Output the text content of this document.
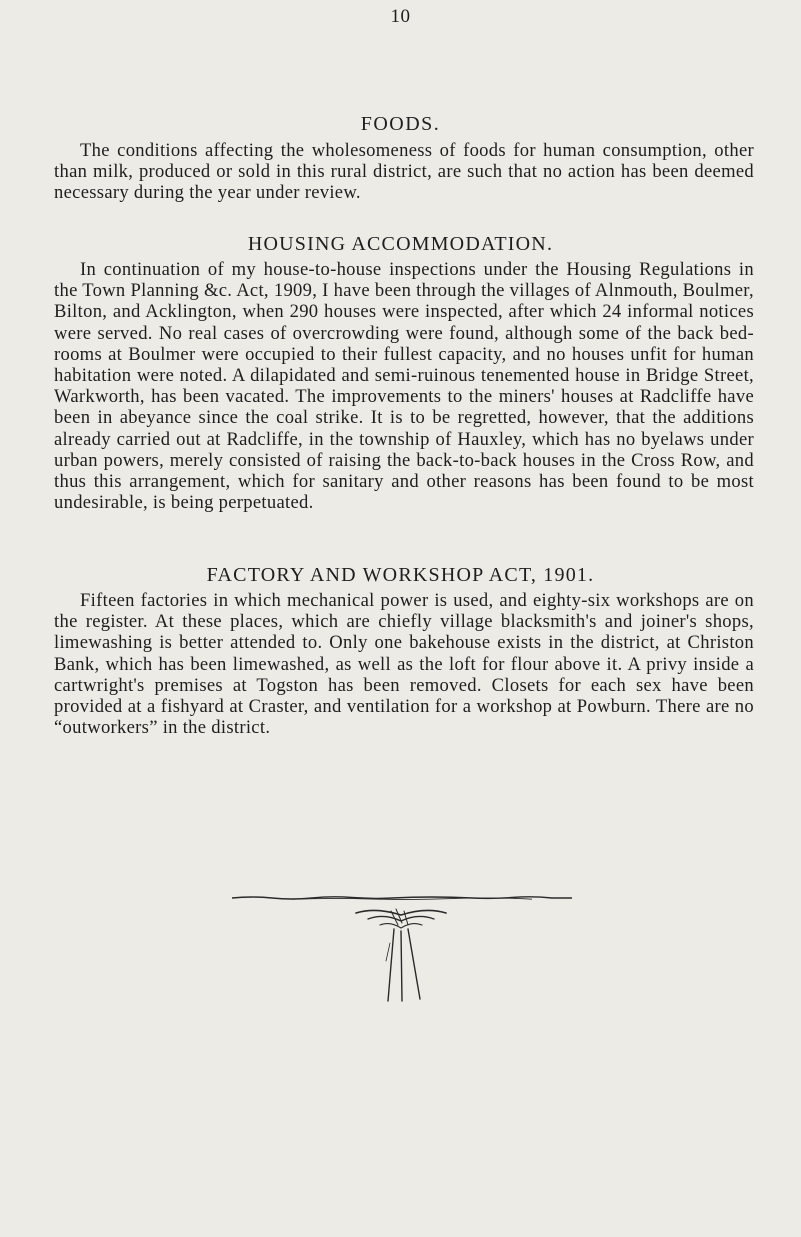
10
FOODS.

The conditions affecting the wholesomeness of foods for human consumption, other than milk, produced or sold in this rural district, are such that no action has been deemed necessary during the year under review.

HOUSING ACCOMMODATION.

In continuation of my house-to-house inspections under the Housing Regulations in the Town Planning &c. Act, 1909, I have been through the villages of Alnmouth, Boulmer, Bilton, and Acklington, when 290 houses were inspected, after which 24 informal notices were served. No real cases of overcrowding were found, although some of the back bed-rooms at Boulmer were occupied to their fullest capacity, and no houses unfit for human habitation were noted. A dilapidated and semi-ruinous tenemented house in Bridge Street, Warkworth, has been vacated. The improvements to the miners' houses at Radcliffe have been in abeyance since the coal strike. It is to be regretted, however, that the additions already carried out at Radcliffe, in the township of Hauxley, which has no byelaws under urban powers, merely consisted of raising the back-to-back houses in the Cross Row, and thus this arrangement, which for sanitary and other reasons has been found to be most undesirable, is being perpetuated.

FACTORY AND WORKSHOP ACT, 1901.

Fifteen factories in which mechanical power is used, and eighty-six workshops are on the register. At these places, which are chiefly village blacksmith's and joiner's shops, limewashing is better attended to. Only one bakehouse exists in the district, at Christon Bank, which has been limewashed, as well as the loft for flour above it. A privy inside a cartwright's premises at Togston has been removed. Closets for each sex have been provided at a fishyard at Craster, and ventilation for a workshop at Powburn. There are no “outworkers” in the district.
